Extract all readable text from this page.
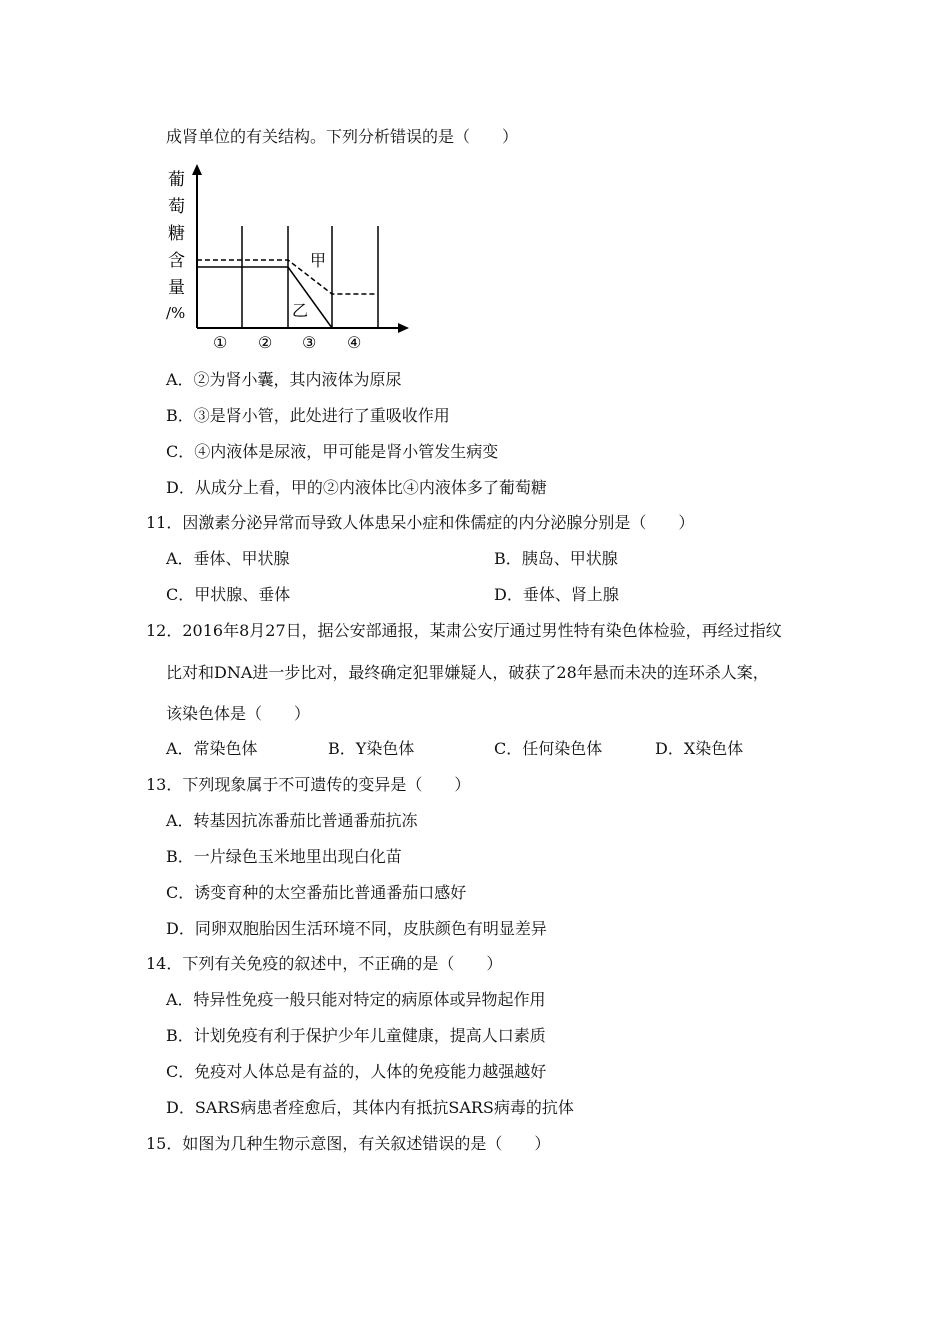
成肾单位的有关结构。下列分析错误的是（　　）
葡
萄
糖
含
量
/%
甲
乙
① ② ③ ④
A．②为肾小囊，其内液体为原尿
B．③是肾小管，此处进行了重吸收作用
C．④内液体是尿液，甲可能是肾小管发生病变
D．从成分上看，甲的②内液体比④内液体多了葡萄糖
11．因激素分泌异常而导致人体患呆小症和侏儒症的内分泌腺分别是（　　）
A．垂体、甲状腺	B．胰岛、甲状腺
C．甲状腺、垂体	D．垂体、肾上腺
12．2016年8月27日，据公安部通报，某肃公安厅通过男性特有染色体检验，再经过指纹
比对和DNA进一步比对，最终确定犯罪嫌疑人，破获了28年悬而未决的连环杀人案，
该染色体是（　　）
A．常染色体	B．Y染色体	C．任何染色体	D．X染色体
13．下列现象属于不可遗传的变异是（　　）
A．转基因抗冻番茄比普通番茄抗冻
B．一片绿色玉米地里出现白化苗
C．诱变育种的太空番茄比普通番茄口感好
D．同卵双胞胎因生活环境不同，皮肤颜色有明显差异
14．下列有关免疫的叙述中，不正确的是（　　）
A．特异性免疫一般只能对特定的病原体或异物起作用
B．计划免疫有利于保护少年儿童健康，提高人口素质
C．免疫对人体总是有益的，人体的免疫能力越强越好
D．SARS病患者痊愈后，其体内有抵抗SARS病毒的抗体
15．如图为几种生物示意图，有关叙述错误的是（　　）
